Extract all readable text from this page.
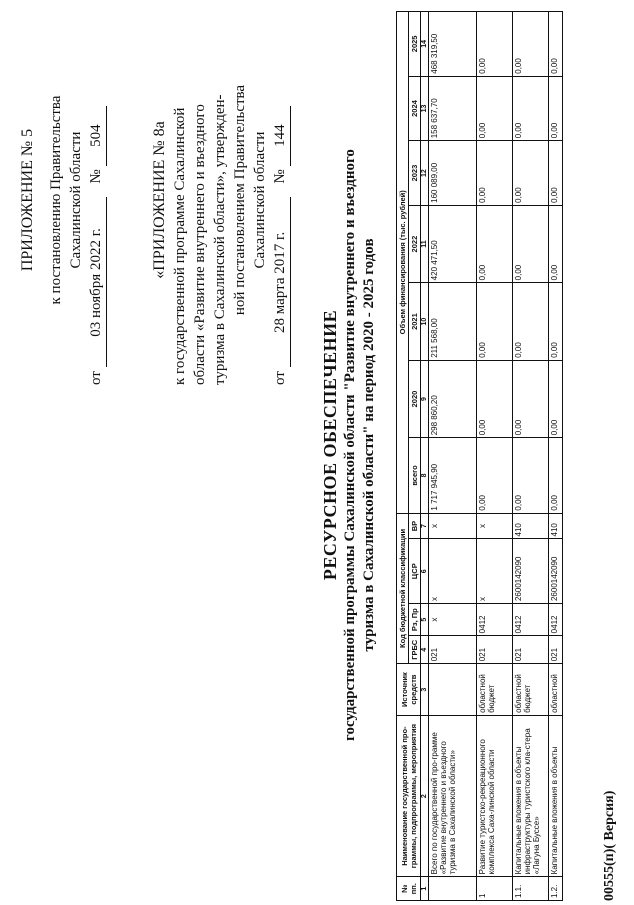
ПРИЛОЖЕНИЕ № 5 к постановлению Правительства Сахалинской области
от 03 ноября 2022 г. № 504	«ПРИЛОЖЕНИЕ № 8а к государственной программе Сахалинской области «Развитие внутреннего и въездного туризма в Сахалинской области», утвержден- ной постановлением Правительства Сахалинской области
от 28 марта 2017 г. № 144
РЕСУРСНОЕ ОБЕСПЕЧЕНИЕ государственной программы Сахалинской области "Развитие внутреннего и въездного туризма в Сахалинской области" на период 2020 - 2025 годов
№ пп.	Наименование государственной про-граммы, подпрограммы, мероприятия	Источник средств	Код бюджетной классификации				Объем финансирования (тыс. рублей)						
			ГРБС	Рз, Пр	ЦСР	ВР	всего	2020	2021	2022	2023	2024	2025
1	2	3	4	5	6	7	8	9	10	11	12	13	14
	Всего по государственной про-грамме «Развитие внутреннего и въездного туризма в Сахалинской области»		021	х	х	х	1 717 945,90	298 860,20	211 568,00	420 471,50	160 089,00	158 637,70	468 319,50
1	Развитие туристско-рекреационного комплекса Саха-линской области	областной бюджет	021	0412	х	х	0,00	0,00	0,00	0,00	0,00	0,00	0,00
1.1.	Капитальные вложения в объекты инфраструктуры туристского кла-стера «Лагуна Буссе»	областной бюджет	021	0412	2600142090	410	0,00	0,00	0,00	0,00	0,00	0,00	0,00
1.2.	Капитальные вложения в объекты	областной	021	0412	2600142090	410	0,00	0,00	0,00	0,00	0,00	0,00	0,00
00555(п)( Версия)
